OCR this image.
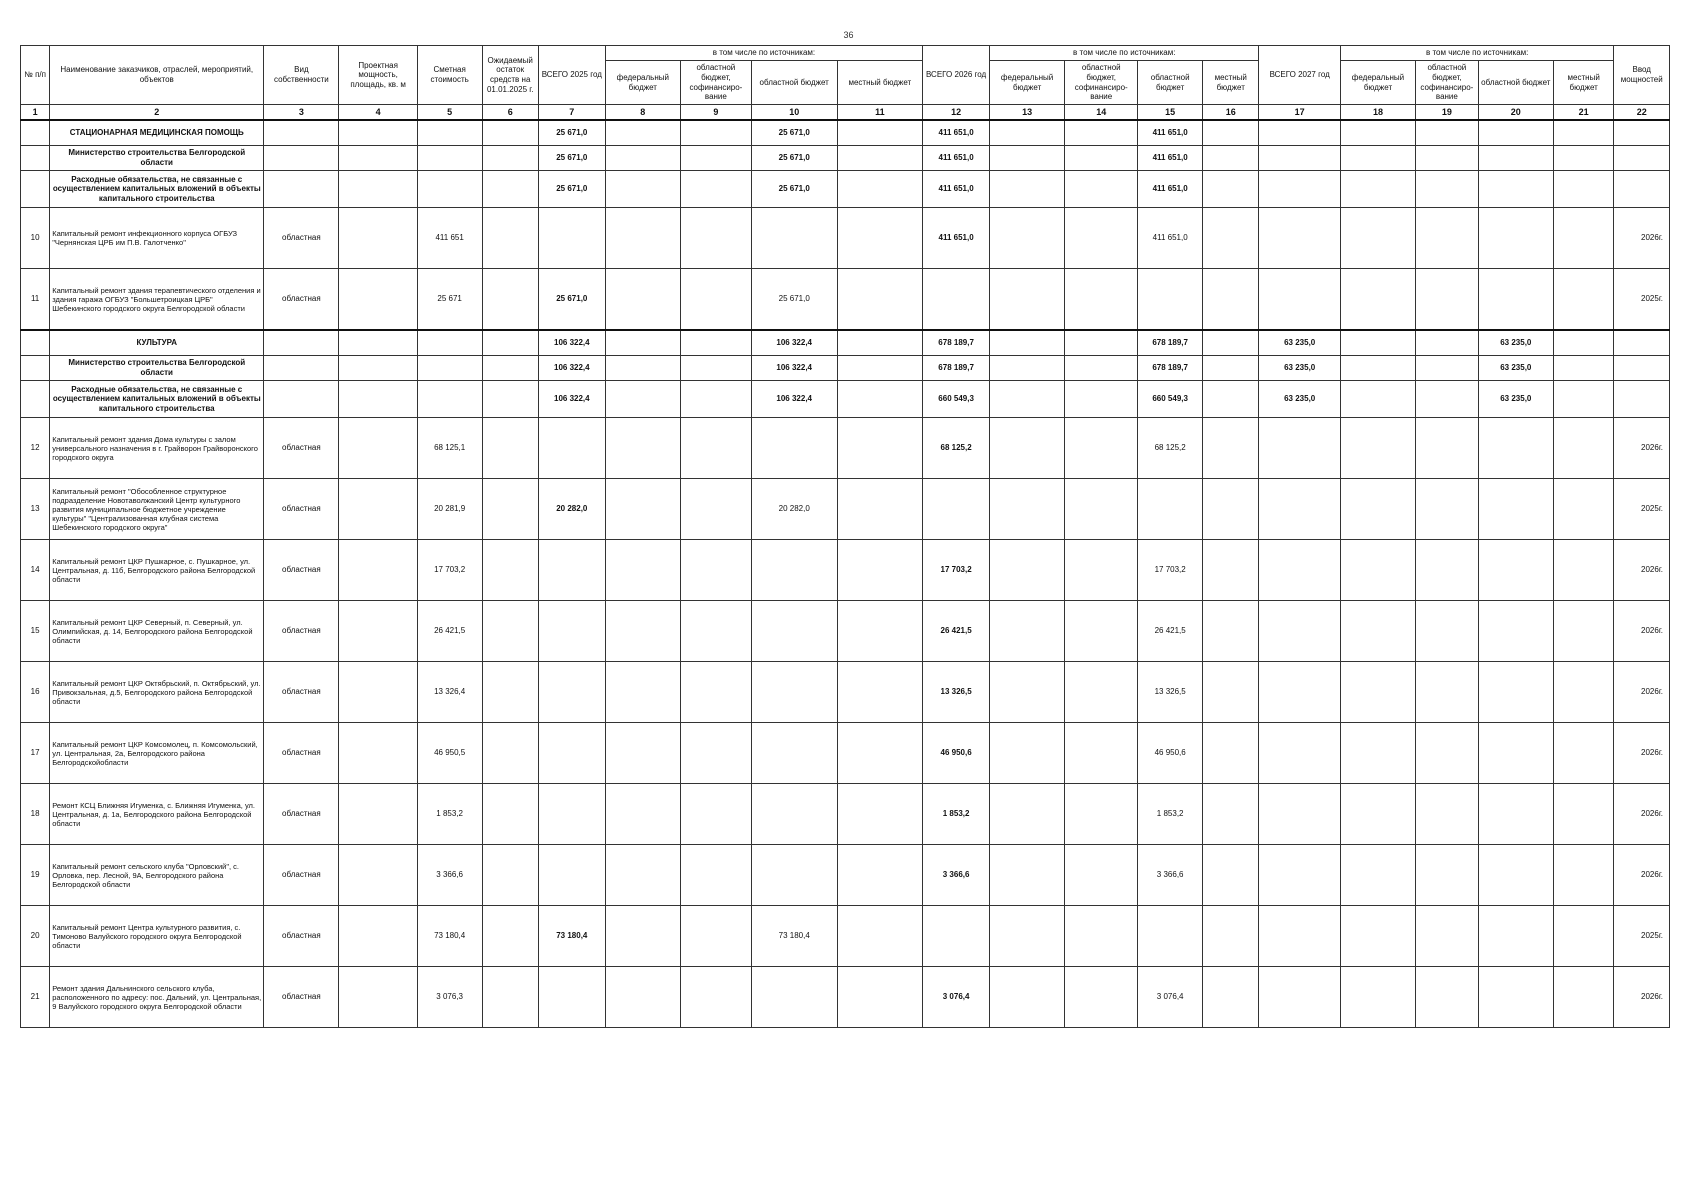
36
№ п/п	Наименование заказчиков, отраслей, мероприятий, объектов	Вид собственности	Проектная мощность, площадь, кв. м	Сметная стоимость	Ожидаемый остаток средств на 01.01.2025 г.	ВСЕГО 2025 год	в том числе по источникам:				ВСЕГО 2026 год	в том числе по источникам:				ВСЕГО 2027 год	в том числе по источникам:				Ввод мощностей
							федеральный бюджет	областной бюджет, софинансиро-вание	областной бюджет	местный бюджет		федеральный бюджет	областной бюджет, софинансиро-вание	областной бюджет	местный бюджет		федеральный бюджет	областной бюджет, софинансиро-вание	областной бюджет	местный бюджет	
1	2	3	4	5	6	7	8	9	10	11	12	13	14	15	16	17	18	19	20	21	22
	СТАЦИОНАРНАЯ МЕДИЦИНСКАЯ ПОМОЩЬ					25 671,0			25 671,0		411 651,0			411 651,0							
	Министерство строительства Белгородской области					25 671,0			25 671,0		411 651,0			411 651,0							
	Расходные обязательства, не связанные с осуществлением капитальных вложений в объекты капитального строительства					25 671,0			25 671,0		411 651,0			411 651,0							
10	Капитальный ремонт инфекционного корпуса ОГБУЗ "Чернянская ЦРБ им П.В. Галотченко"	областная		411 651							411 651,0			411 651,0							2026г.
11	Капитальный ремонт здания терапевтического отделения и здания гаража ОГБУЗ "Большетроицкая ЦРБ" Шебекинского городского округа Белгородской области	областная		25 671		25 671,0			25 671,0												2025г.
	КУЛЬТУРА					106 322,4			106 322,4		678 189,7			678 189,7		63 235,0			63 235,0		
	Министерство строительства Белгородской области					106 322,4			106 322,4		678 189,7			678 189,7		63 235,0			63 235,0		
	Расходные обязательства, не связанные с осуществлением капитальных вложений в объекты капитального строительства					106 322,4			106 322,4		660 549,3			660 549,3		63 235,0			63 235,0		
12	Капитальный ремонт здания Дома культуры с залом универсального назначения в г. Грайворон Грайворонского городского округа	областная		68 125,1							68 125,2			68 125,2							2026г.
13	Капитальный ремонт "Обособленное структурное подразделение Новотаволжанский Центр культурного развития муниципальное бюджетное учреждение культуры" "Централизованная клубная система Шебекинского городского округа"	областная		20 281,9		20 282,0			20 282,0												2025г.
14	Капитальный ремонт ЦКР Пушкарное, с. Пушкарное, ул. Центральная, д. 11б, Белгородского района Белгородской области	областная		17 703,2							17 703,2			17 703,2							2026г.
15	Капитальный ремонт ЦКР Северный, п. Северный, ул. Олимпийская, д. 14, Белгородского района Белгородской области	областная		26 421,5							26 421,5			26 421,5							2026г.
16	Капитальный ремонт ЦКР Октябрьский, п. Октябрьский, ул. Привокзальная, д.5, Белгородского района Белгородской области	областная		13 326,4							13 326,5			13 326,5							2026г.
17	Капитальный ремонт ЦКР Комсомолец, п. Комсомольский, ул. Центральная, 2а, Белгородского района Белгородскойобласти	областная		46 950,5							46 950,6			46 950,6							2026г.
18	Ремонт КСЦ Ближняя Игуменка, с. Ближняя Игуменка, ул. Центральная, д. 1а, Белгородского района Белгородской области	областная		1 853,2							1 853,2			1 853,2							2026г.
19	Капитальный ремонт сельского клуба "Орловский", с. Орловка, пер. Лесной, 9А, Белгородского района Белгородской области	областная		3 366,6							3 366,6			3 366,6							2026г.
20	Капитальный ремонт Центра культурного развития, с. Тимоново Валуйского городского округа Белгородской области	областная		73 180,4		73 180,4			73 180,4												2025г.
21	Ремонт здания Дальнинского сельского клуба, расположенного по адресу: пос. Дальний, ул. Центральная, 9 Валуйского городского округа Белгородской области	областная		3 076,3							3 076,4			3 076,4							2026г.
